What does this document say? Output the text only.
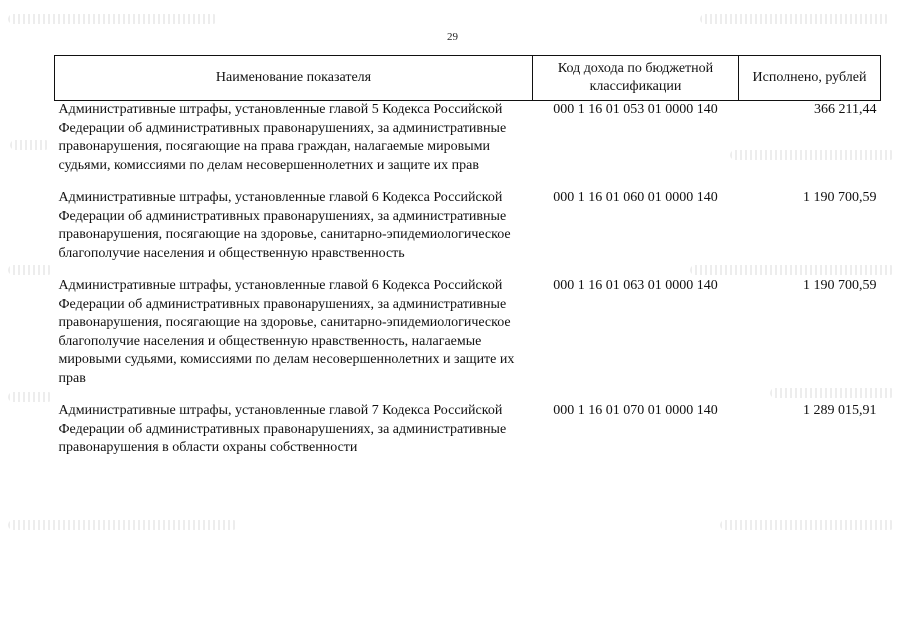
29
Наименование показателя	Код дохода по бюджетной классификации	Исполнено, рублей
Административные штрафы, установленные главой 5 Кодекса Российской Федерации об административных правонарушениях, за административные правонарушения, посягающие на права граждан, налагаемые мировыми судьями, комиссиями по делам несовершеннолетних и защите их прав	000 1 16 01 053 01 0000 140	366 211,44
Административные штрафы, установленные главой 6 Кодекса Российской Федерации об административных правонарушениях, за административные правонарушения, посягающие на здоровье, санитарно-эпидемиологическое благополучие населения и общественную нравственность	000 1 16 01 060 01 0000 140	1 190 700,59
Административные штрафы, установленные главой 6 Кодекса Российской Федерации об административных правонарушениях, за административные правонарушения, посягающие на здоровье, санитарно-эпидемиологическое благополучие населения и общественную нравственность, налагаемые мировыми судьями, комиссиями по делам несовершеннолетних и защите их прав	000 1 16 01 063 01 0000 140	1 190 700,59
Административные штрафы, установленные главой 7 Кодекса Российской Федерации об административных правонарушениях, за административные правонарушения в области охраны собственности	000 1 16 01 070 01 0000 140	1 289 015,91
